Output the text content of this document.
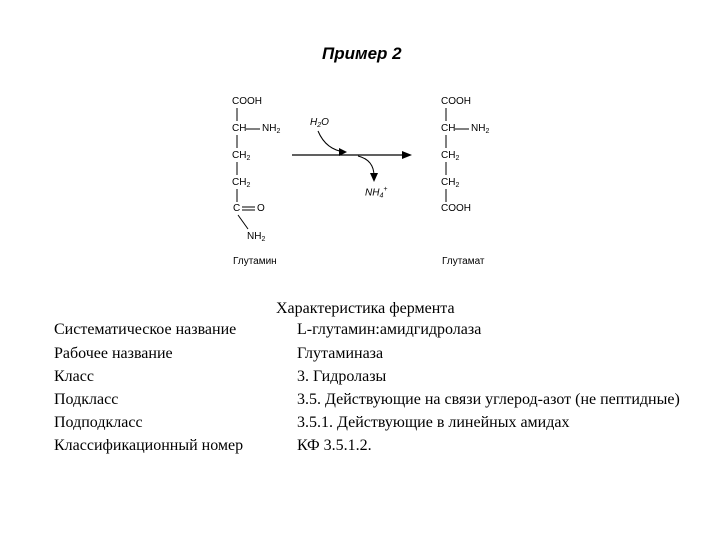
Пример 2
COOH
CH $NH_2$
$CH_2$
$CH_2$
C O
$NH_2$
Глутамин
$H_2O$
$NH_4^+$
COOH
CH $NH_2$
$CH_2$
$CH_2$
COOH
Глутамат
Характеристика фермента
Систематическое название	L-глутамин:амидгидролаза
Рабочее название	Глутаминаза
Класс	3. Гидролазы
Подкласс	3.5. Действующие на связи углерод-азот (не пептидные)
Подподкласс	3.5.1. Действующие в линейных амидах
Классификационный номер	КФ 3.5.1.2.
